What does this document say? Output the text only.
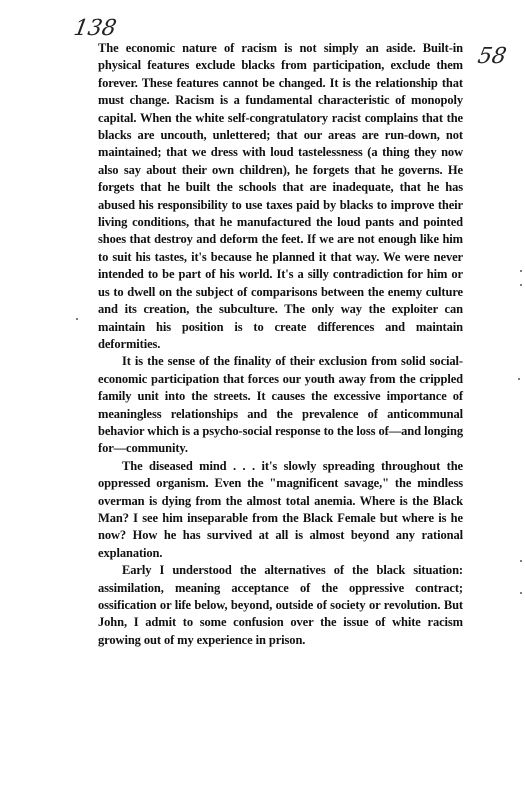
138
58

The economic nature of racism is not simply an aside. Built-in physical features exclude blacks from participation, exclude them forever. These features cannot be changed. It is the relationship that must change. Racism is a fundamental characteristic of monopoly capital. When the white self-congratulatory racist complains that the blacks are uncouth, unlettered; that our areas are run-down, not maintained; that we dress with loud tastelessness (a thing they now also say about their own children), he forgets that he governs. He forgets that he built the schools that are inadequate, that he has abused his responsibility to use taxes paid by blacks to improve their living conditions, that he manufactured the loud pants and pointed shoes that destroy and deform the feet. If we are not enough like him to suit his tastes, it's because he planned it that way. We were never intended to be part of his world. It's a silly contradiction for him or us to dwell on the subject of comparisons between the enemy culture and its creation, the subculture. The only way the exploiter can maintain his position is to create differences and maintain deformities.

It is the sense of the finality of their exclusion from solid social-economic participation that forces our youth away from the crippled family unit into the streets. It causes the excessive importance of meaningless relationships and the prevalence of anticommunal behavior which is a psycho-social response to the loss of—and longing for—community.

The diseased mind . . . it's slowly spreading throughout the oppressed organism. Even the "magnificent savage," the mindless overman is dying from the almost total anemia. Where is the Black Man? I see him inseparable from the Black Female but where is he now? How he has survived at all is almost beyond any rational explanation.

Early I understood the alternatives of the black situation: assimilation, meaning acceptance of the oppressive contract; ossification or life below, beyond, outside of society or revolution. But John, I admit to some confusion over the issue of white racism growing out of my experience in prison.
